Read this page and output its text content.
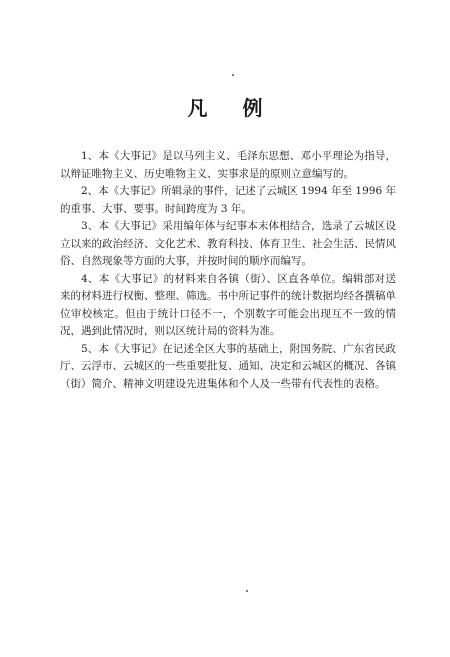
凡 例

1、本《大事记》是以马列主义、毛泽东思想、邓小平理论为指导，以辩证唯物主义、历史唯物主义、实事求是的原则立意编写的。

2、本《大事记》所辑录的事件，记述了云城区 1994 年至 1996 年的重事、大事、要事。时间跨度为 3 年。

3、本《大事记》采用编年体与纪事本末体相结合，选录了云城区设立以来的政治经济、文化艺术、教育科技、体育卫生、社会生活、民情风俗、自然现象等方面的大事，并按时间的顺序而编写。

4、本《大事记》的材料来自各镇（街）、区直各单位。编辑部对送来的材料进行权衡、整理、筛选。书中所记事件的统计数据均经各撰稿单位审校核定。但由于统计口径不一，个别数字可能会出现互不一致的情况，遇到此情况时，则以区统计局的资料为准。

5、本《大事记》在记述全区大事的基础上，附国务院、广东省民政厅、云浮市、云城区的一些重要批复、通知、决定和云城区的概况、各镇（街）简介、精神文明建设先进集体和个人及一些带有代表性的表格。
